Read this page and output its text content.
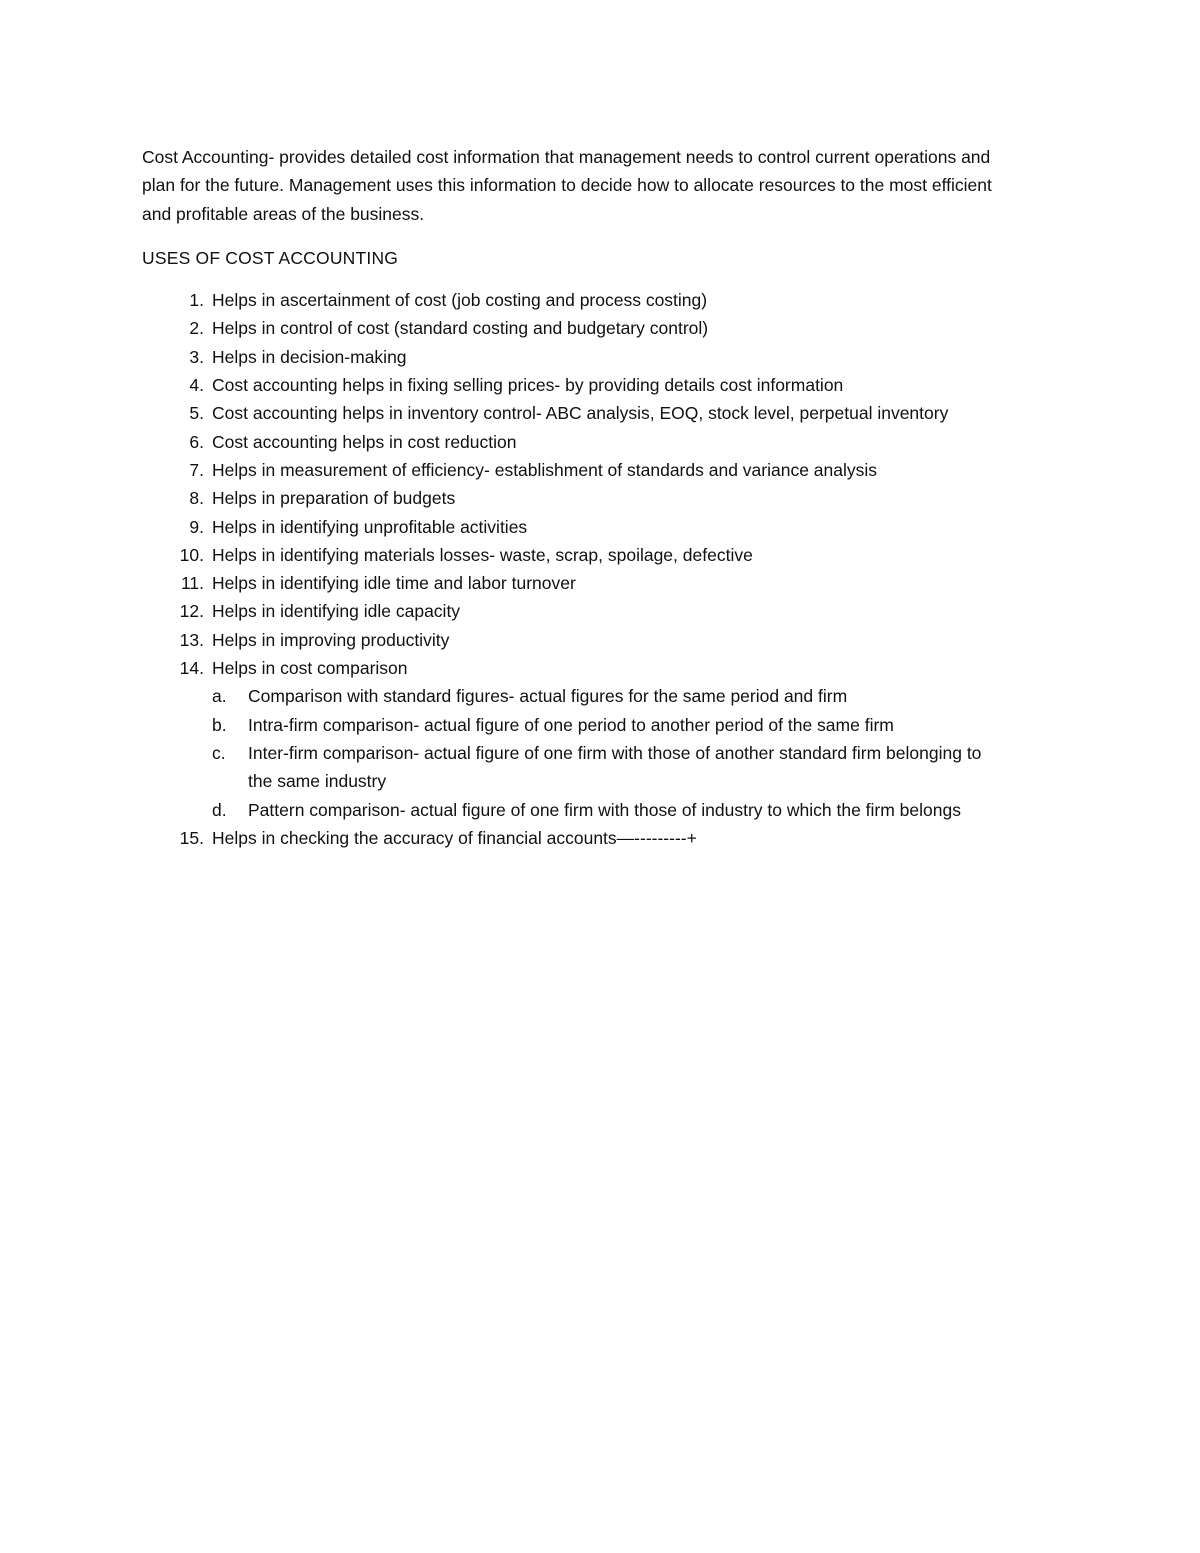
Cost Accounting- provides detailed cost information that management needs to control current operations and plan for the future. Management uses this information to decide how to allocate resources to the most efficient and profitable areas of the business.

USES OF COST ACCOUNTING

1. Helps in ascertainment of cost (job costing and process costing)
2. Helps in control of cost (standard costing and budgetary control)
3. Helps in decision-making
4. Cost accounting helps in fixing selling prices- by providing details cost information
5. Cost accounting helps in inventory control- ABC analysis, EOQ, stock level, perpetual inventory
6. Cost accounting helps in cost reduction
7. Helps in measurement of efficiency- establishment of standards and variance analysis
8. Helps in preparation of budgets
9. Helps in identifying unprofitable activities
10. Helps in identifying materials losses- waste, scrap, spoilage, defective
11. Helps in identifying idle time and labor turnover
12. Helps in identifying idle capacity
13. Helps in improving productivity
14. Helps in cost comparison
a. Comparison with standard figures- actual figures for the same period and firm
b. Intra-firm comparison- actual figure of one period to another period of the same firm
c. Inter-firm comparison- actual figure of one firm with those of another standard firm belonging to the same industry
d. Pattern comparison- actual figure of one firm with those of industry to which the firm belongs
15. Helps in checking the accuracy of financial accounts—---------+
